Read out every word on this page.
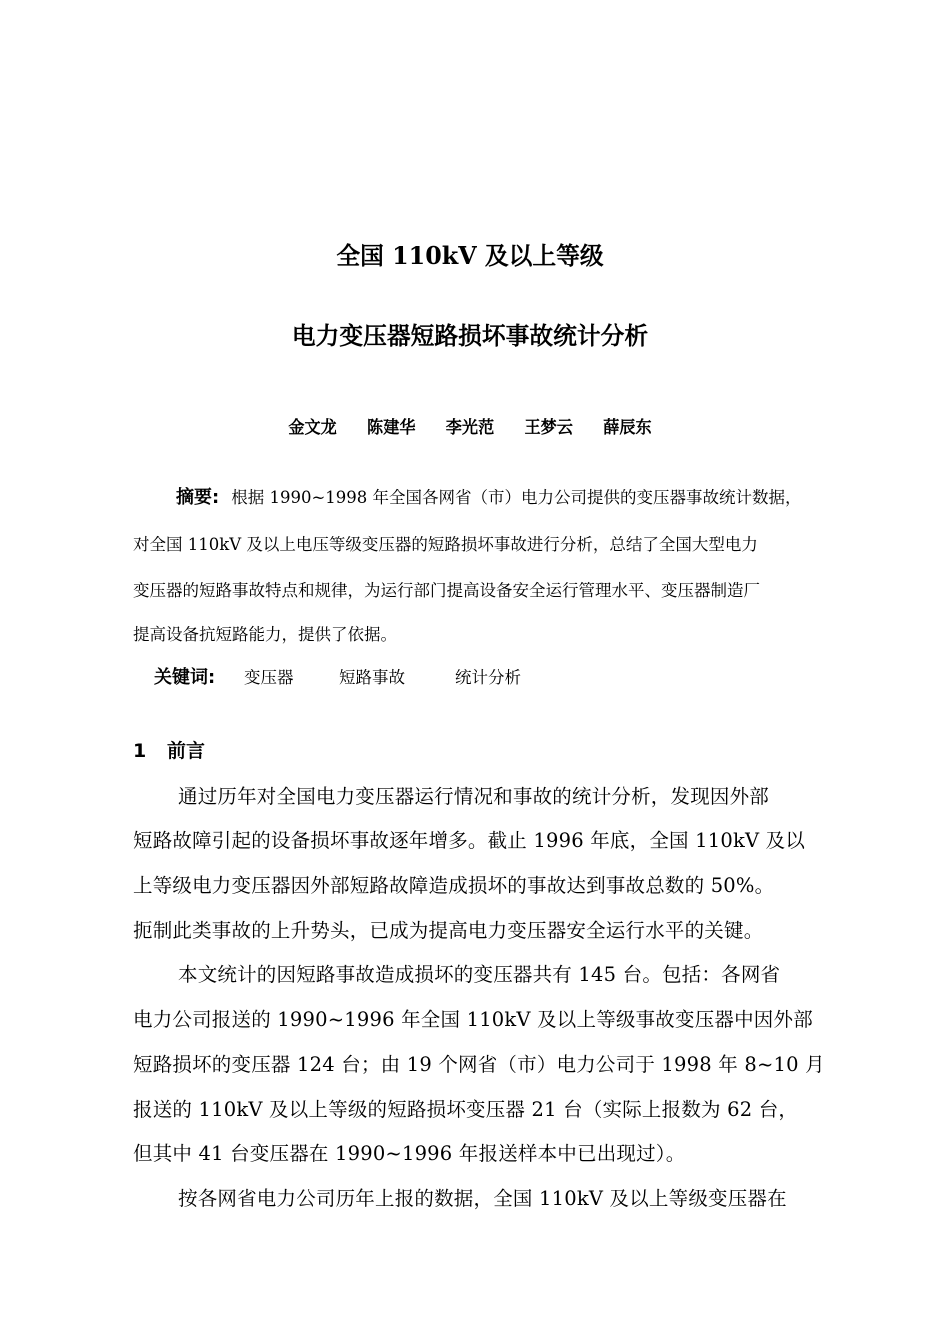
全国 110kV 及以上等级
电力变压器短路损坏事故统计分析
金文龙 陈建华 李光范 王梦云 薛辰东
摘要: 根据 1990~1998 年全国各网省（市）电力公司提供的变压器事故统计数据，
对全国 110kV 及以上电压等级变压器的短路损坏事故进行分析，总结了全国大型电力
变压器的短路事故特点和规律，为运行部门提高设备安全运行管理水平、变压器制造厂
提高设备抗短路能力，提供了依据。
关键词: 变压器	短路事故	统计分析
1 前言
通过历年对全国电力变压器运行情况和事故的统计分析，发现因外部
短路故障引起的设备损坏事故逐年增多。截止 1996 年底，全国 110kV 及以
上等级电力变压器因外部短路故障造成损坏的事故达到事故总数的 50%。
扼制此类事故的上升势头，已成为提高电力变压器安全运行水平的关键。
本文统计的因短路事故造成损坏的变压器共有 145 台。包括：各网省
电力公司报送的 1990~1996 年全国 110kV 及以上等级事故变压器中因外部
短路损坏的变压器 124 台；由 19 个网省（市）电力公司于 1998 年 8~10 月
报送的 110kV 及以上等级的短路损坏变压器 21 台（实际上报数为 62 台，
但其中 41 台变压器在 1990~1996 年报送样本中已出现过）。
按各网省电力公司历年上报的数据，全国 110kV 及以上等级变压器在
